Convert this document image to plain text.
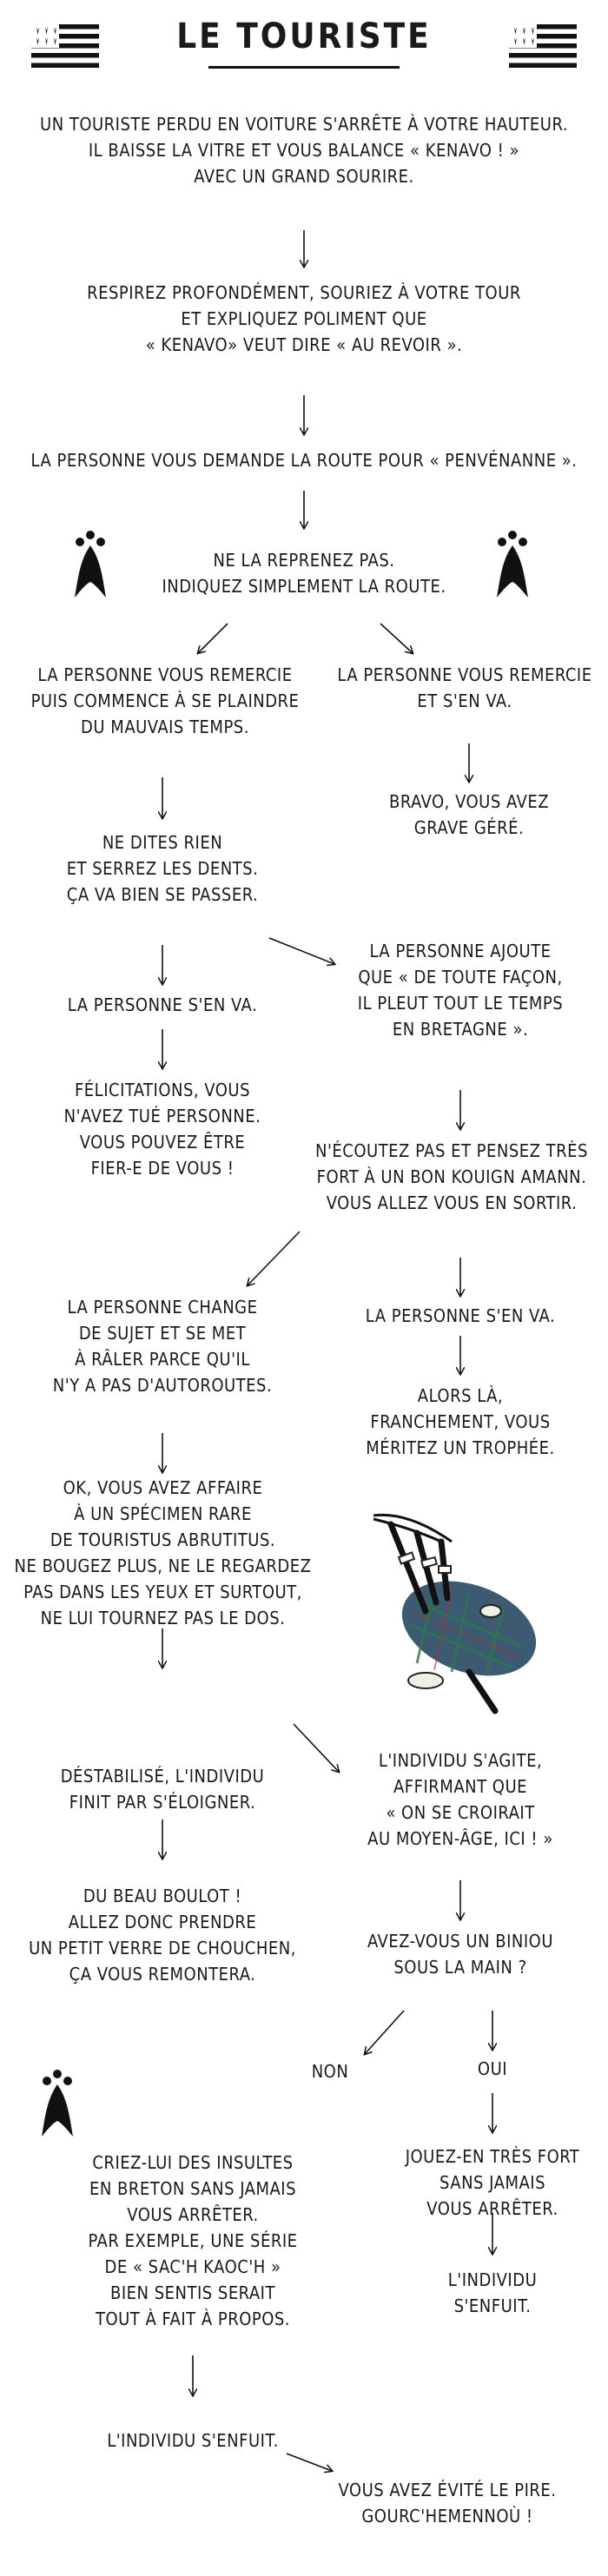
LE TOURISTE
UN TOURISTE PERDU EN VOITURE S'ARRÊTE À VOTRE HAUTEUR.
IL BAISSE LA VITRE ET VOUS BALANCE « KENAVO ! »
AVEC UN GRAND SOURIRE.
RESPIREZ PROFONDÉMENT, SOURIEZ À VOTRE TOUR
ET EXPLIQUEZ POLIMENT QUE
« KENAVO» VEUT DIRE « AU REVOIR ».
LA PERSONNE VOUS DEMANDE LA ROUTE POUR « PENVÉNANNE ».
NE LA REPRENEZ PAS.
INDIQUEZ SIMPLEMENT LA ROUTE.
LA PERSONNE VOUS REMERCIE
PUIS COMMENCE À SE PLAINDRE
DU MAUVAIS TEMPS.
LA PERSONNE VOUS REMERCIE
ET S'EN VA.
BRAVO, VOUS AVEZ
GRAVE GÉRÉ.
NE DITES RIEN
ET SERREZ LES DENTS.
ÇA VA BIEN SE PASSER.
LA PERSONNE S'EN VA.
LA PERSONNE AJOUTE
QUE « DE TOUTE FAÇON,
IL PLEUT TOUT LE TEMPS
EN BRETAGNE ».
FÉLICITATIONS, VOUS
N'AVEZ TUÉ PERSONNE.
VOUS POUVEZ ÊTRE
FIER-E DE VOUS !
N'ÉCOUTEZ PAS ET PENSEZ TRÈS
FORT À UN BON KOUIGN AMANN.
VOUS ALLEZ VOUS EN SORTIR.
LA PERSONNE CHANGE
DE SUJET ET SE MET
À RÂLER PARCE QU'IL
N'Y A PAS D'AUTOROUTES.
LA PERSONNE S'EN VA.
ALORS LÀ,
FRANCHEMENT, VOUS
MÉRITEZ UN TROPHÉE.
OK, VOUS AVEZ AFFAIRE
À UN SPÉCIMEN RARE
DE TOURISTUS ABRUTITUS.
NE BOUGEZ PLUS, NE LE REGARDEZ
PAS DANS LES YEUX ET SURTOUT,
NE LUI TOURNEZ PAS LE DOS.
DÉSTABILISÉ, L'INDIVIDU
FINIT PAR S'ÉLOIGNER.
L'INDIVIDU S'AGITE,
AFFIRMANT QUE
« ON SE CROIRAIT
AU MOYEN-ÂGE, ICI ! »
DU BEAU BOULOT !
ALLEZ DONC PRENDRE
UN PETIT VERRE DE CHOUCHEN,
ÇA VOUS REMONTERA.
AVEZ-VOUS UN BINIOU
SOUS LA MAIN ?
NON	OUI
CRIEZ-LUI DES INSULTES
EN BRETON SANS JAMAIS
VOUS ARRÊTER.
PAR EXEMPLE, UNE SÉRIE
DE « SAC'H KAOC'H »
BIEN SENTIS SERAIT
TOUT À FAIT À PROPOS.
JOUEZ-EN TRÈS FORT
SANS JAMAIS
VOUS ARRÊTER.
L'INDIVIDU
S'ENFUIT.
L'INDIVIDU S'ENFUIT.
VOUS AVEZ ÉVITÉ LE PIRE.
GOURC'HEMENNOÙ !
